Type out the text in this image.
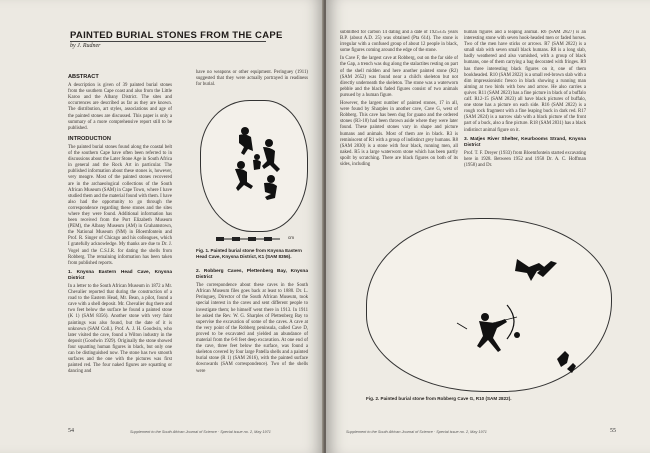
PAINTED BURIAL STONES FROM THE CAPE
by J. Rudner
ABSTRACT

A description is given of 39 painted burial stones from the southern Cape coast and also from the Little Karoo and the Albany District. The sites and occurrences are described as far as they are known. The distribution, art styles, associations and age of the painted stones are discussed. This paper is only a summary of a more comprehensive report still to be published.

INTRODUCTION

The painted burial stones found along the coastal belt of the southern Cape have often been referred to in discussions about the Later Stone Age in South Africa in general and the Rock Art in particular. The published information about these stones is, however, very meagre. Most of the painted stones recovered are in the archaeological collections of the South African Museum (SAM) in Cape Town, where I have studied them and the material found with them. I have also had the opportunity to go through the correspondence regarding these stones and the sites where they were found. Additional information has been received from the Port Elizabeth Museum (PEM), the Albany Museum (AM) in Grahamstown, the National Museum (NM) in Bloemfontein and Prof. R. Singer of Chicago and his colleagues, which I gratefully acknowledge. My thanks are due to Dr. J. Vogel and the C.S.I.R. for dating the shells from Robberg. The remaining information has been taken from published reports.

1. Knysna Eastern Head Cave, Knysna District

In a letter to the South African Museum in 1872 a Mr. Chevalier reported that during the construction of a road to the Eastern Head, Mr. Bean, a pilot, found a cave with a shell deposit. Mr. Chevalier dug there and two feet below the surface he found a painted stone (K 1) (SAM 8356). Another stone with very faint paintings was also found, but the date of it is unknown (SAM Coll.). Prof. A. J. H. Goodwin, who later visited the cave, found a Wilton industry in the deposit (Goodwin 1929). Originally the stone showed four squatting human figures in black, but only one can be distinguished now. The stone has two smooth surfaces and the one with the pictures was first painted red. The four naked figures are squatting or dancing and

have no weapons or other equipment. Peringuey (1911) suggested that they were actually portrayed in readiness for burial.

cm
Fig. 1. Painted burial stone from Knysna Eastern Head Cave, Knysna District, K1 (SAM 8356).
2. Robberg Caves, Plettenberg Bay, Knysna District

The correspondence about these caves in the South African Museum files goes back at least to 1880. Dr. L. Peringuey, Director of the South African Museum, took special interest in the caves and sent different people to investigate them; he himself went there in 1913. In 1911 he asked the Rev. W. G. Sharples of Plettenberg Bay to supervise the excavation of some of the caves. A cave at the very point of the Robberg peninsula, called Cave D, proved to be excavated and yielded an abundance of material from the 6-8 feet deep excavation. At one end of the cave, three feet below the surface, was found a skeleton covered by four large Patella shells and a painted burial stone (R 1) (SAM 2616), with the painted surface downwards (SAM correspondence). Two of the shells were

54	Supplement to the South African Journal of Science · Special issue no. 2, May 1971

submitted for carbon 14 dating and a date of 1925±35 years B.P. (about A.D. 25) was obtained (Pta 614). The stone is irregular with a confused group of about 12 people in black, some figures coming around the edge of the stone.

In Cave F, the largest cave at Robberg, out on the far side of the Gap, a trench was dug along the stalactites resting on part of the shell midden and here another painted stone (R2) (SAM 2652) was found near a child's skeleton but not directly underneath the skeleton. The stone was a waterworn pebble and the black faded figures consist of two animals pursued by a human figure.

However, the largest number of painted stones, 17 in all, were found by Sharples in another cave, Cave G, west of Robberg. This cave has been dug for guano and the ordered stones (R3-18) had been thrown aside where they were later found. These painted stones vary in shape and picture humans and animals. Most of them are in black. R3 is reminiscent of R1 with a group of indistinct grey humans. R8 (SAM 2830) is a stone with four black, running men, all naked. R5 is a large waterworn stone which has been partly spoilt by scratching. There are black figures on both of its sides, including

human figures and a leaping animal. R6 (SAM 2827) is an interesting stone with seven hook-headed men or faded horses. Two of the men have sticks or arrows. R7 (SAM 2822) is a small slab with seven small black humans. R8 is a long slab, badly weathered and also varnished, with a group of black humans, one of them carrying a bag decorated with fringes. R9 has three interesting black figures on it, one of them bookheaded. R10 (SAM 2822) is a small red-brown slab with a dim impressionistic fresco in black showing a running man aiming at two birds with bow and arrow. He also carries a quiver. R11 (SAM 2823) has a fine picture in black of a buffalo calf. R12-15 (SAM 2823) all have black pictures of buffalo, one stone has a picture on each side. R16 (SAM 2822) is a rough rock fragment with a fine leaping buck in dark red. R17 (SAM 2824) is a narrow slab with a black picture of the front part of a buck, also a fine picture. R18 (SAM 2831) has a black indistinct animal figure on it.

3. Matjes River Shelter, Keurbooms Strand, Knysna District

Prof. T. F. Dreyer (1933) from Bloemfontein started excavating here in 1928. Between 1952 and 1958 Dr. A. C. Hoffman (1958) and Dr.

Fig. 2. Painted burial stone from Robberg Cave G, R10 (SAM 2822).
Supplement to the South African Journal of Science · Special issue no. 2, May 1971	55
